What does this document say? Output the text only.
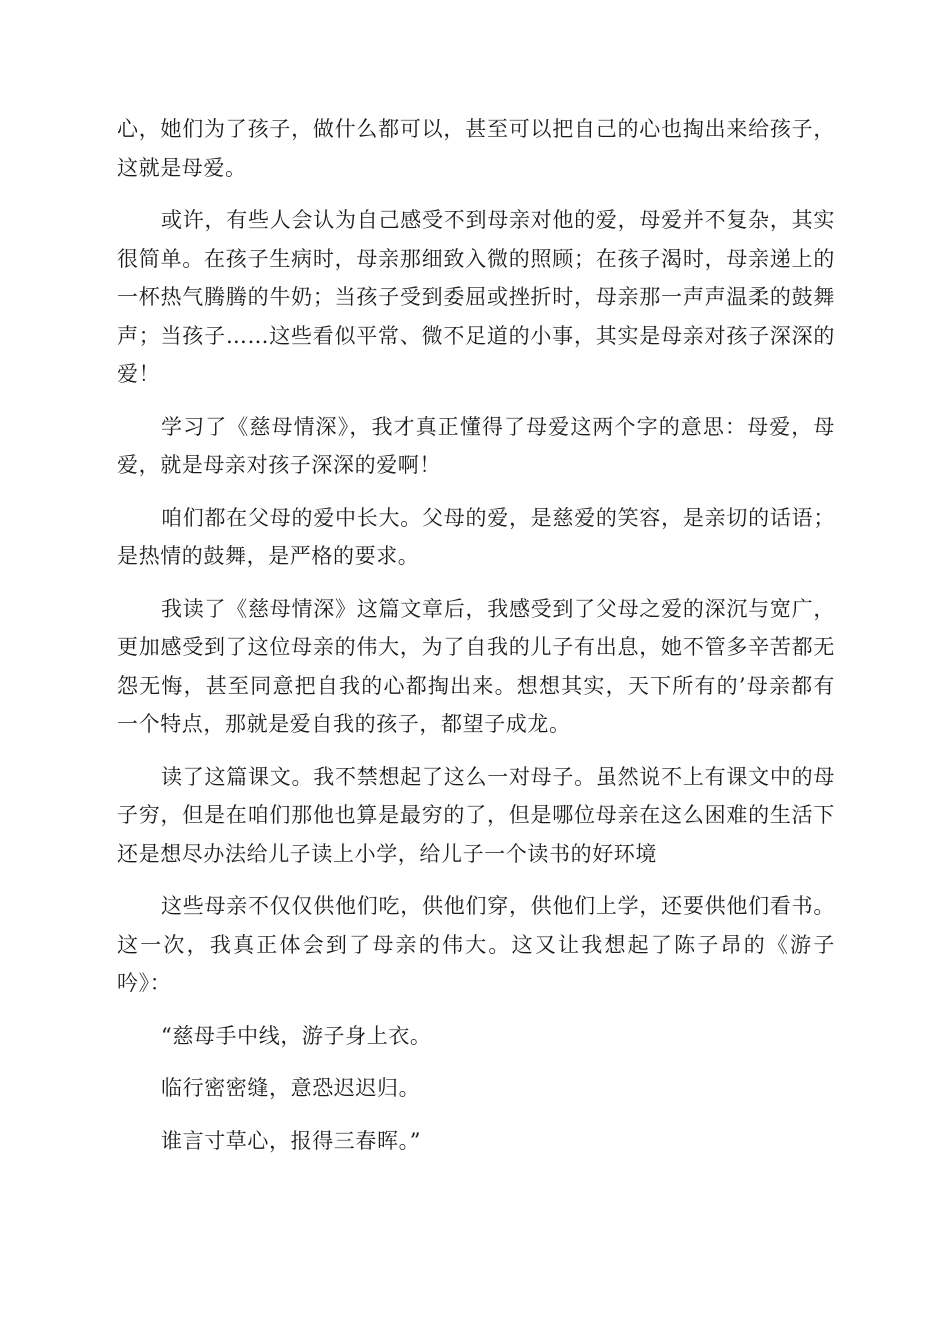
心，她们为了孩子，做什么都可以，甚至可以把自己的心也掏出来给孩子，这就是母爱。

或许，有些人会认为自己感受不到母亲对他的爱，母爱并不复杂，其实很简单。在孩子生病时，母亲那细致入微的照顾；在孩子渴时，母亲递上的一杯热气腾腾的牛奶；当孩子受到委屈或挫折时，母亲那一声声温柔的鼓舞声；当孩子……这些看似平常、微不足道的小事，其实是母亲对孩子深深的爱！

学习了《慈母情深》，我才真正懂得了母爱这两个字的意思：母爱，母爱，就是母亲对孩子深深的爱啊！

咱们都在父母的爱中长大。父母的爱，是慈爱的笑容，是亲切的话语；是热情的鼓舞，是严格的要求。

我读了《慈母情深》这篇文章后，我感受到了父母之爱的深沉与宽广，更加感受到了这位母亲的伟大，为了自我的儿子有出息，她不管多辛苦都无怨无悔，甚至同意把自我的心都掏出来。想想其实，天下所有的’母亲都有一个特点，那就是爱自我的孩子，都望子成龙。

读了这篇课文。我不禁想起了这么一对母子。虽然说不上有课文中的母子穷，但是在咱们那他也算是最穷的了，但是哪位母亲在这么困难的生活下还是想尽办法给儿子读上小学，给儿子一个读书的好环境

这些母亲不仅仅供他们吃，供他们穿，供他们上学，还要供他们看书。这一次，我真正体会到了母亲的伟大。这又让我想起了陈子昂的《游子吟》：

“慈母手中线，游子身上衣。

临行密密缝，意恐迟迟归。

谁言寸草心，报得三春晖。”
